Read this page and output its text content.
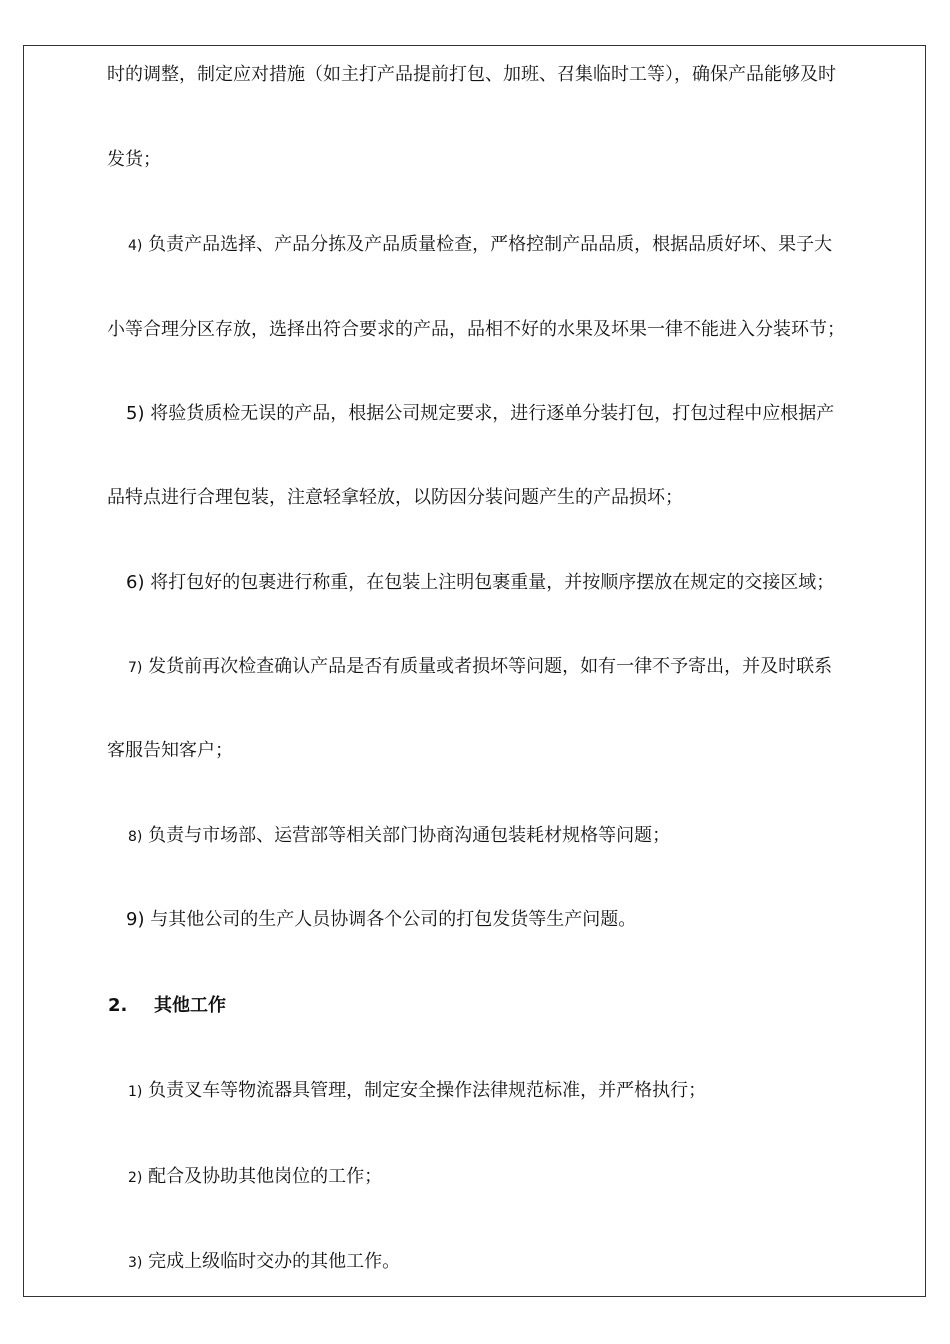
时的调整，制定应对措施（如主打产品提前打包、加班、召集临时工等），确保产品能够及时
发货；
4) 负责产品选择、产品分拣及产品质量检查，严格控制产品品质，根据品质好坏、果子大
小等合理分区存放，选择出符合要求的产品，品相不好的水果及坏果一律不能进入分装环节；
5) 将验货质检无误的产品，根据公司规定要求，进行逐单分装打包，打包过程中应根据产
品特点进行合理包装，注意轻拿轻放，以防因分装问题产生的产品损坏；
6) 将打包好的包裹进行称重，在包装上注明包裹重量，并按顺序摆放在规定的交接区域；
7) 发货前再次检查确认产品是否有质量或者损坏等问题，如有一律不予寄出，并及时联系
客服告知客户；
8) 负责与市场部、运营部等相关部门协商沟通包装耗材规格等问题；
9) 与其他公司的生产人员协调各个公司的打包发货等生产问题。
2. 其他工作
1) 负责叉车等物流器具管理，制定安全操作法律规范标准，并严格执行；
2) 配合及协助其他岗位的工作；
3) 完成上级临时交办的其他工作。
